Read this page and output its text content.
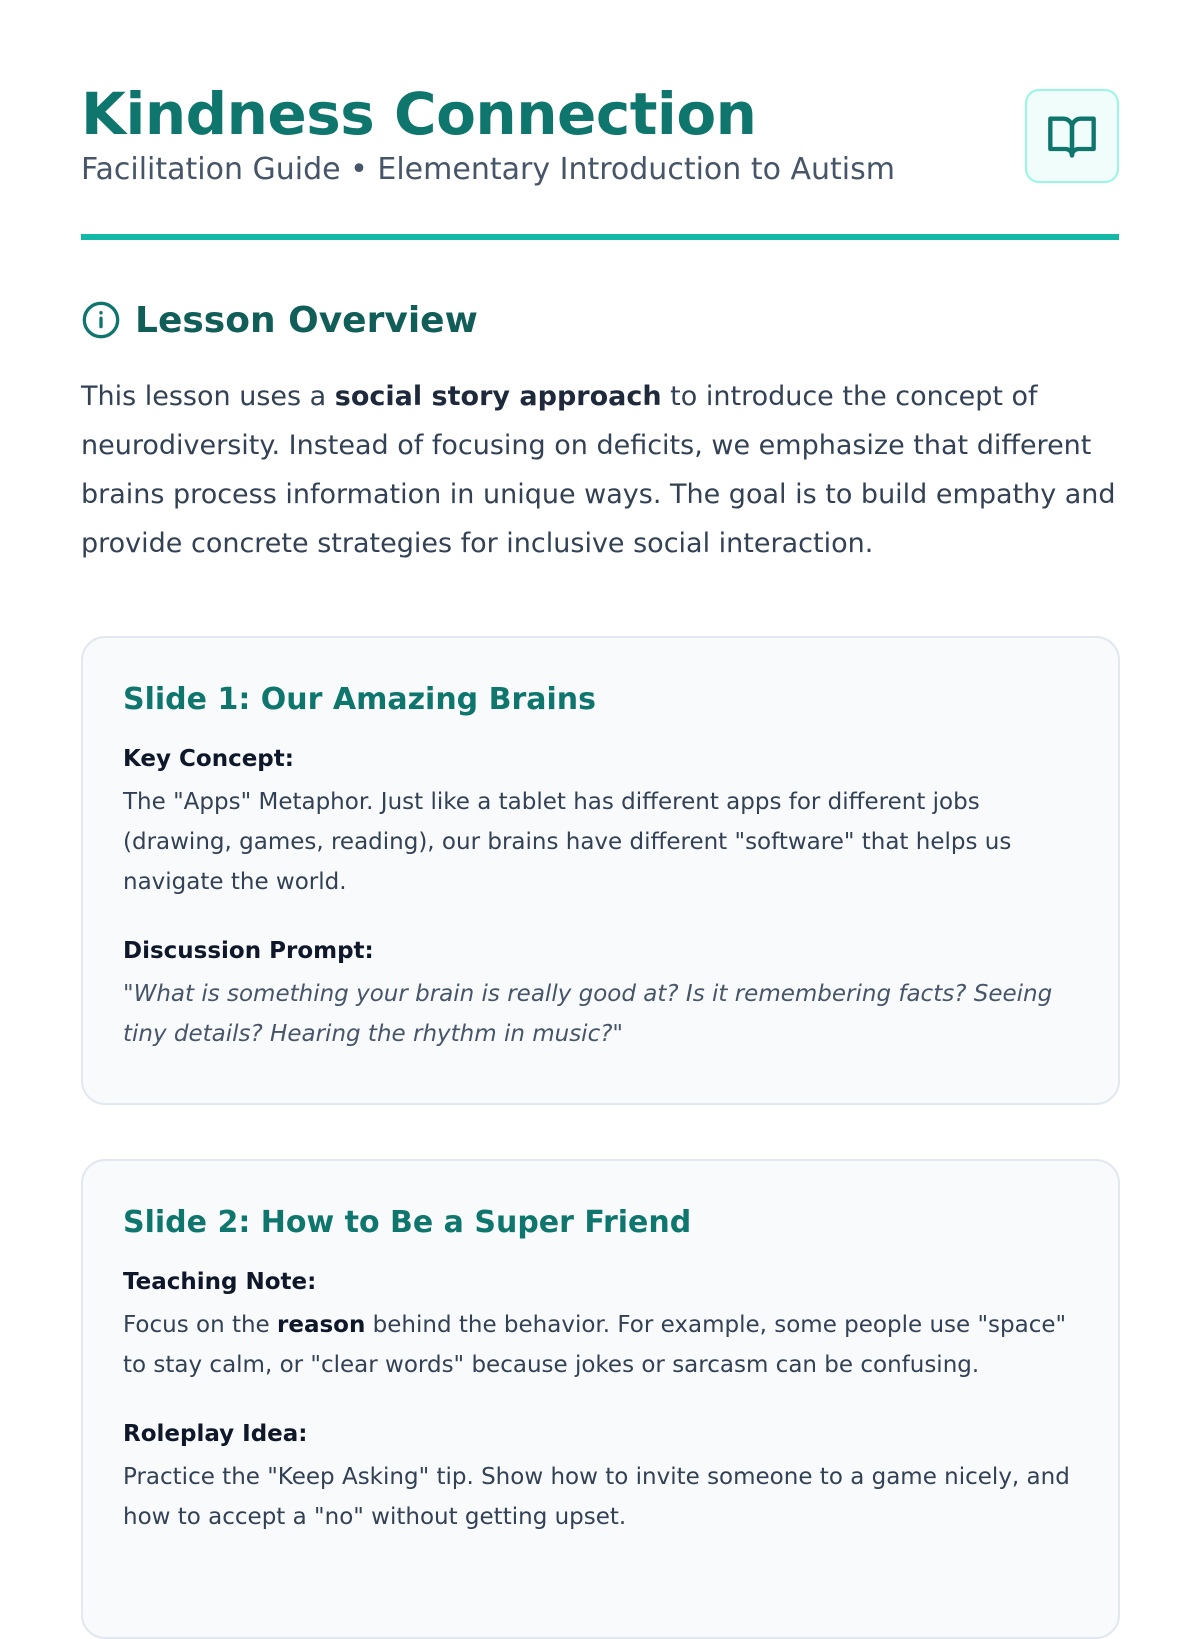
Kindness Connection
Facilitation Guide • Elementary Introduction to Autism
Lesson Overview

This lesson uses a social story approach to introduce the concept of neurodiversity. Instead of focusing on deficits, we emphasize that different brains process information in unique ways. The goal is to build empathy and provide concrete strategies for inclusive social interaction.

Slide 1: Our Amazing Brains
Key Concept:
The "Apps" Metaphor. Just like a tablet has different apps for different jobs (drawing, games, reading), our brains have different "software" that helps us navigate the world.
Discussion Prompt:
"What is something your brain is really good at? Is it remembering facts? Seeing tiny details? Hearing the rhythm in music?"
Slide 2: How to Be a Super Friend
Teaching Note:
Focus on the reason behind the behavior. For example, some people use "space" to stay calm, or "clear words" because jokes or sarcasm can be confusing.
Roleplay Idea:
Practice the "Keep Asking" tip. Show how to invite someone to a game nicely, and how to accept a "no" without getting upset.
